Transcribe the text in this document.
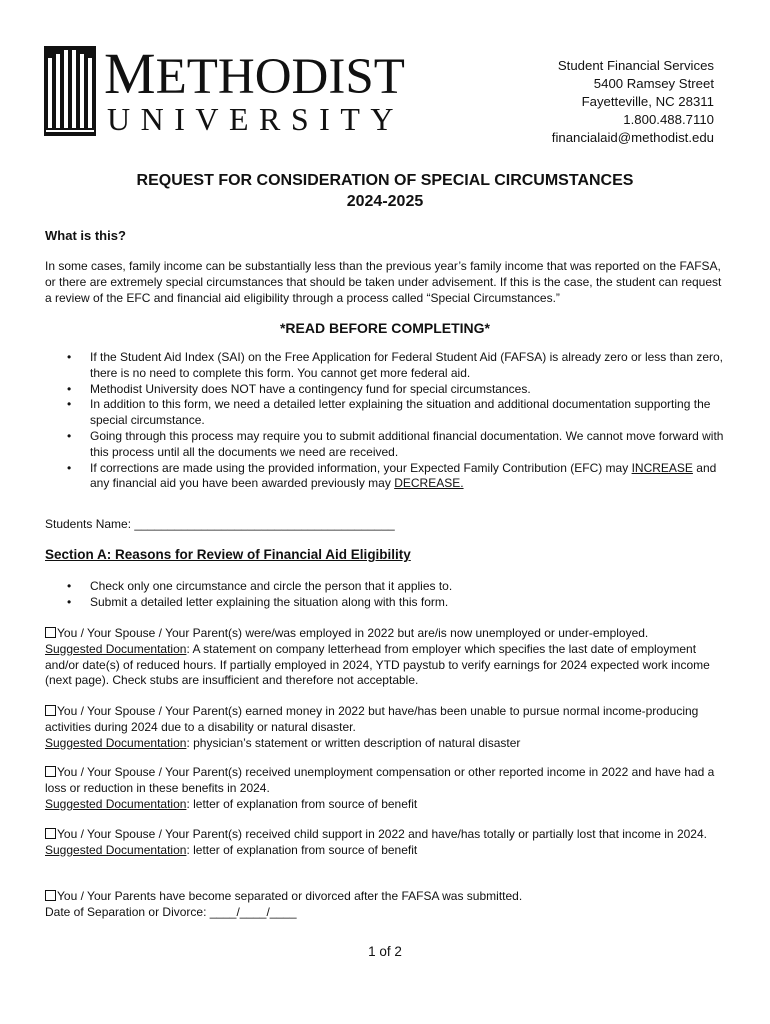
METHODIST
UNIVERSITY
Student Financial Services
5400 Ramsey Street
Fayetteville, NC 28311
1.800.488.7110
financialaid@methodist.edu
REQUEST FOR CONSIDERATION OF SPECIAL CIRCUMSTANCES
2024-2025
What is this?
In some cases, family income can be substantially less than the previous year’s family income that was reported on the FAFSA, or there are extremely special circumstances that should be taken under advisement. If this is the case, the student can request a review of the EFC and financial aid eligibility through a process called “Special Circumstances.”
*READ BEFORE COMPLETING*
• If the Student Aid Index (SAI) on the Free Application for Federal Student Aid (FAFSA) is already zero or less than zero, there is no need to complete this form. You cannot get more federal aid.
• Methodist University does NOT have a contingency fund for special circumstances.
• In addition to this form, we need a detailed letter explaining the situation and additional documentation supporting the special circumstance.
• Going through this process may require you to submit additional financial documentation. We cannot move forward with this process until all the documents we need are received.
• If corrections are made using the provided information, your Expected Family Contribution (EFC) may INCREASE and any financial aid you have been awarded previously may DECREASE.
Students Name: _______________________________________
Section A: Reasons for Review of Financial Aid Eligibility
• Check only one circumstance and circle the person that it applies to.
• Submit a detailed letter explaining the situation along with this form.
You / Your Spouse / Your Parent(s) were/was employed in 2022 but are/is now unemployed or under-employed.
Suggested Documentation: A statement on company letterhead from employer which specifies the last date of employment and/or date(s) of reduced hours. If partially employed in 2024, YTD paystub to verify earnings for 2024 expected work income (next page). Check stubs are insufficient and therefore not acceptable.
You / Your Spouse / Your Parent(s) earned money in 2022 but have/has been unable to pursue normal income-producing activities during 2024 due to a disability or natural disaster.
Suggested Documentation: physician’s statement or written description of natural disaster
You / Your Spouse / Your Parent(s) received unemployment compensation or other reported income in 2022 and have had a loss or reduction in these benefits in 2024.
Suggested Documentation: letter of explanation from source of benefit
You / Your Spouse / Your Parent(s) received child support in 2022 and have/has totally or partially lost that income in 2024.
Suggested Documentation: letter of explanation from source of benefit
You / Your Parents have become separated or divorced after the FAFSA was submitted.
Date of Separation or Divorce: ____/____/____
1 of 2
